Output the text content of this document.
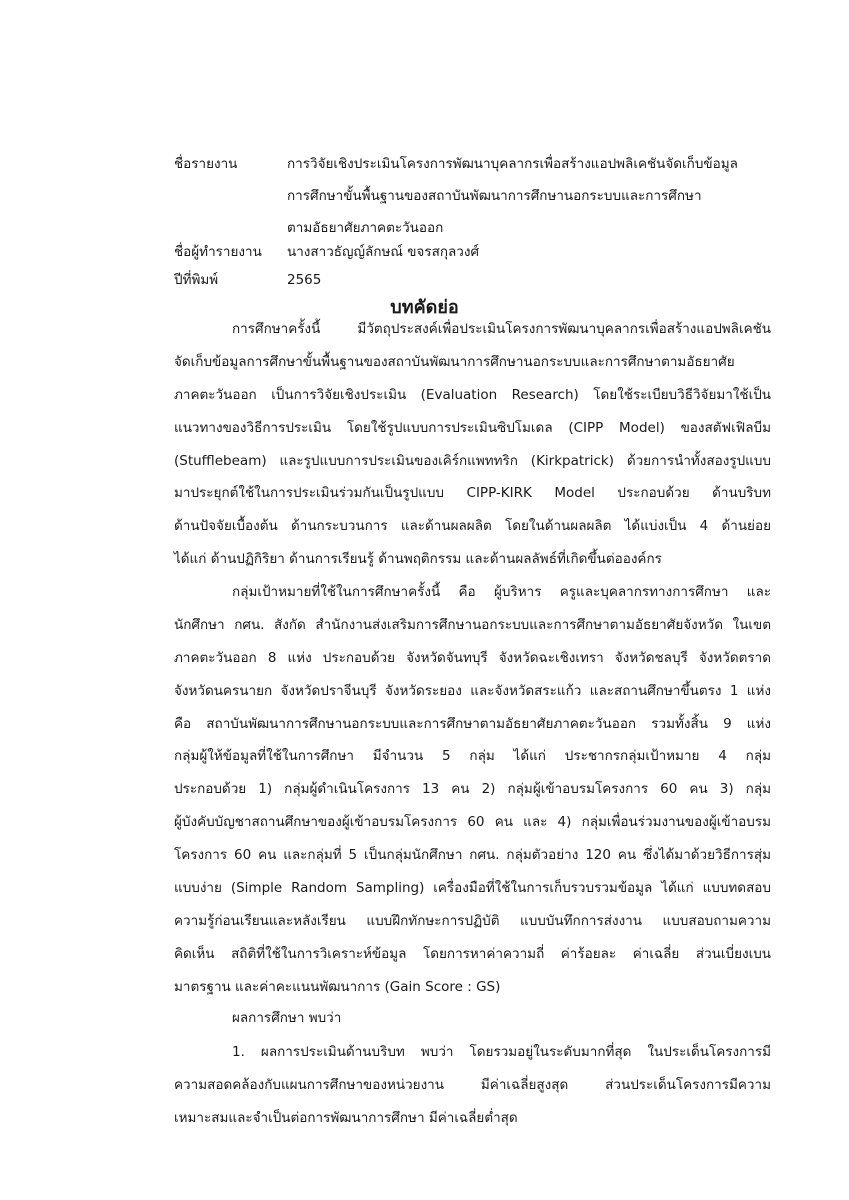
ชื่อรายงาน	การวิจัยเชิงประเมินโครงการพัฒนาบุคลากรเพื่อสร้างแอปพลิเคชันจัดเก็บข้อมูล
การศึกษาขั้นพื้นฐานของสถาบันพัฒนาการศึกษานอกระบบและการศึกษา
ตามอัธยาศัยภาคตะวันออก
ชื่อผู้ทำรายงาน นางสาวธัญญ์ลักษณ์ ขจรสกุลวงศ์
ปีที่พิมพ์	2565
บทคัดย่อ
การศึกษาครั้งนี้ มีวัตถุประสงค์เพื่อประเมินโครงการพัฒนาบุคลากรเพื่อสร้างแอปพลิเคชัน
จัดเก็บข้อมูลการศึกษาขั้นพื้นฐานของสถาบันพัฒนาการศึกษานอกระบบและการศึกษาตามอัธยาศัย
ภาคตะวันออก เป็นการวิจัยเชิงประเมิน (Evaluation Research) โดยใช้ระเบียบวิธีวิจัยมาใช้เป็น
แนวทางของวิธีการประเมิน โดยใช้รูปแบบการประเมินซิปโมเดล (CIPP Model) ของสตัฟเฟิลบีม
(Stufflebeam) และรูปแบบการประเมินของเคิร์กแพททริก (Kirkpatrick) ด้วยการนำทั้งสองรูปแบบ
มาประยุกต์ใช้ในการประเมินร่วมกันเป็นรูปแบบ CIPP-KIRK Model ประกอบด้วย ด้านบริบท
ด้านปัจจัยเบื้องต้น ด้านกระบวนการ และด้านผลผลิต โดยในด้านผลผลิต ได้แบ่งเป็น 4 ด้านย่อย
ได้แก่ ด้านปฏิกิริยา ด้านการเรียนรู้ ด้านพฤติกรรม และด้านผลลัพธ์ที่เกิดขึ้นต่อองค์กร
กลุ่มเป้าหมายที่ใช้ในการศึกษาครั้งนี้ คือ ผู้บริหาร ครูและบุคลากรทางการศึกษา และ
นักศึกษา กศน. สังกัด สำนักงานส่งเสริมการศึกษานอกระบบและการศึกษาตามอัธยาศัยจังหวัด ในเขต
ภาคตะวันออก 8 แห่ง ประกอบด้วย จังหวัดจันทบุรี จังหวัดฉะเชิงเทรา จังหวัดชลบุรี จังหวัดตราด
จังหวัดนครนายก จังหวัดปราจีนบุรี จังหวัดระยอง และจังหวัดสระแก้ว และสถานศึกษาขึ้นตรง 1 แห่ง
คือ สถาบันพัฒนาการศึกษานอกระบบและการศึกษาตามอัธยาศัยภาคตะวันออก รวมทั้งสิ้น 9 แห่ง
กลุ่มผู้ให้ข้อมูลที่ใช้ในการศึกษา มีจำนวน 5 กลุ่ม ได้แก่ ประชากรกลุ่มเป้าหมาย 4 กลุ่ม
ประกอบด้วย 1) กลุ่มผู้ดำเนินโครงการ 13 คน 2) กลุ่มผู้เข้าอบรมโครงการ 60 คน 3) กลุ่ม
ผู้บังคับบัญชาสถานศึกษาของผู้เข้าอบรมโครงการ 60 คน และ 4) กลุ่มเพื่อนร่วมงานของผู้เข้าอบรม
โครงการ 60 คน และกลุ่มที่ 5 เป็นกลุ่มนักศึกษา กศน. กลุ่มตัวอย่าง 120 คน ซึ่งได้มาด้วยวิธีการสุ่ม
แบบง่าย (Simple Random Sampling) เครื่องมือที่ใช้ในการเก็บรวบรวมข้อมูล ได้แก่ แบบทดสอบ
ความรู้ก่อนเรียนและหลังเรียน แบบฝึกทักษะการปฏิบัติ แบบบันทึกการส่งงาน แบบสอบถามความ
คิดเห็น สถิติที่ใช้ในการวิเคราะห์ข้อมูล โดยการหาค่าความถี่ ค่าร้อยละ ค่าเฉลี่ย ส่วนเบี่ยงเบน
มาตรฐาน และค่าคะแนนพัฒนาการ (Gain Score : GS)
ผลการศึกษา พบว่า
1. ผลการประเมินด้านบริบท พบว่า โดยรวมอยู่ในระดับมากที่สุด ในประเด็นโครงการมี
ความสอดคล้องกับแผนการศึกษาของหน่วยงาน มีค่าเฉลี่ยสูงสุด ส่วนประเด็นโครงการมีความ
เหมาะสมและจำเป็นต่อการพัฒนาการศึกษา มีค่าเฉลี่ยต่ำสุด
